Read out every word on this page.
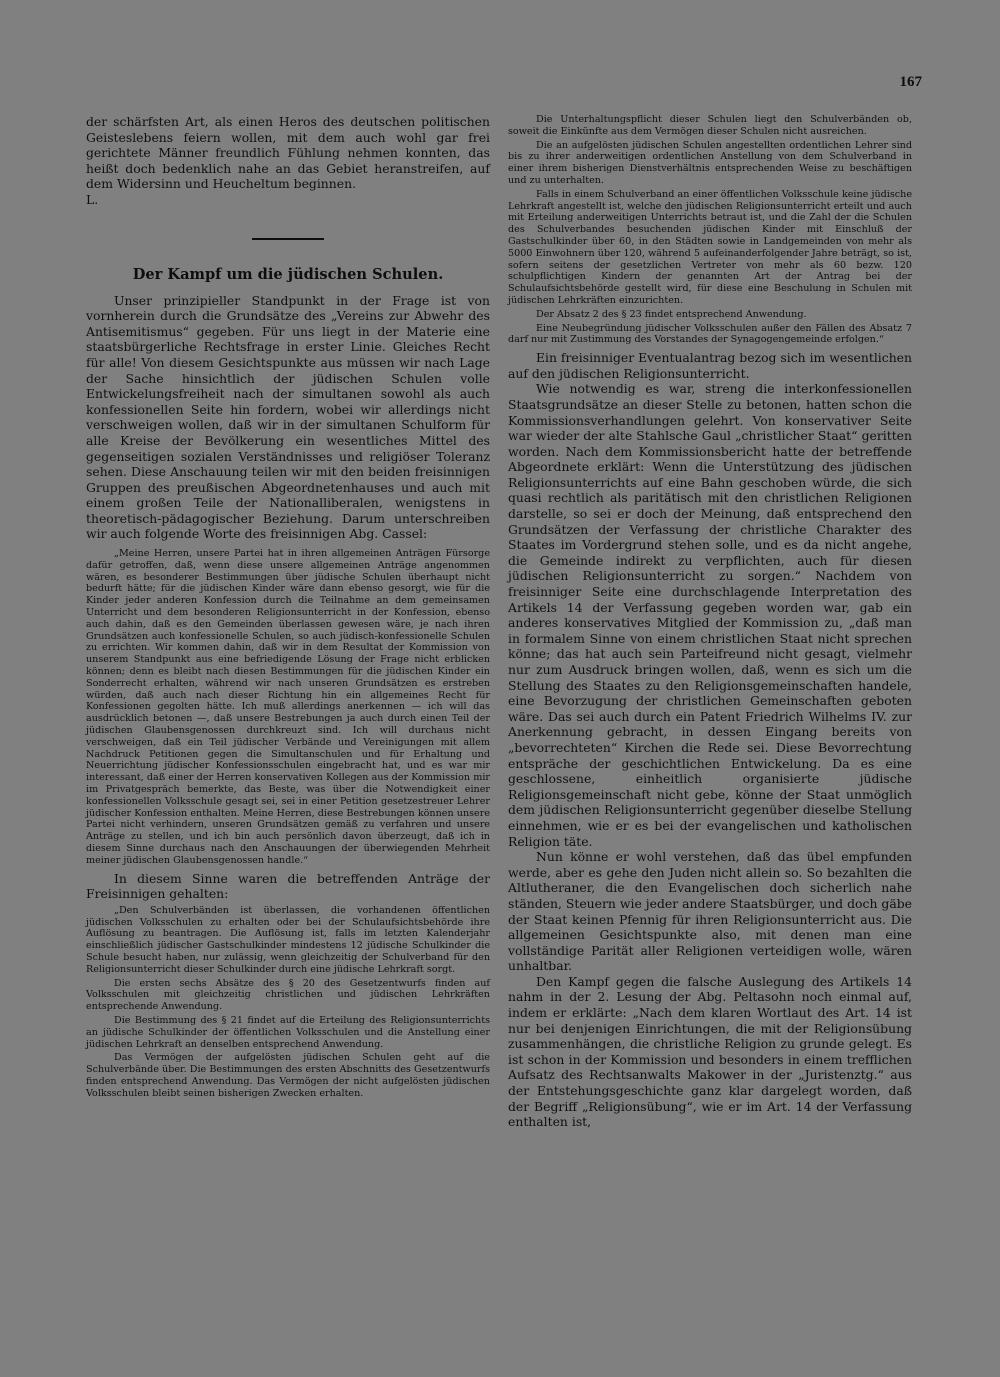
167

der schärfsten Art, als einen Heros des deutschen politischen Geisteslebens feiern wollen, mit dem auch wohl gar frei gerichtete Männer freundlich Fühlung nehmen konnten, das heißt doch bedenklich nahe an das Gebiet heranstreifen, auf dem Widersinn und Heucheltum beginnen.

L.

Der Kampf um die jüdischen Schulen.

Unser prinzipieller Standpunkt in der Frage ist von vornherein durch die Grundsätze des „Vereins zur Abwehr des Antisemitismus“ gegeben. Für uns liegt in der Materie eine staatsbürgerliche Rechtsfrage in erster Linie. Gleiches Recht für alle! Von diesem Gesichtspunkte aus müssen wir nach Lage der Sache hinsichtlich der jüdischen Schulen volle Entwickelungsfreiheit nach der simultanen sowohl als auch konfessionellen Seite hin fordern, wobei wir allerdings nicht verschweigen wollen, daß wir in der simultanen Schulform für alle Kreise der Bevölkerung ein wesentliches Mittel des gegenseitigen sozialen Verständnisses und religiöser Toleranz sehen. Diese Anschauung teilen wir mit den beiden freisinnigen Gruppen des preußischen Abgeordnetenhauses und auch mit einem großen Teile der Nationalliberalen, wenigstens in theoretisch-pädagogischer Beziehung. Darum unterschreiben wir auch folgende Worte des freisinnigen Abg. Cassel:

„Meine Herren, unsere Partei hat in ihren allgemeinen Anträgen Fürsorge dafür getroffen, daß, wenn diese unsere allgemeinen Anträge angenommen wären, es besonderer Bestimmungen über jüdische Schulen überhaupt nicht bedurft hätte; für die jüdischen Kinder wäre dann ebenso gesorgt, wie für die Kinder jeder anderen Konfession durch die Teilnahme an dem gemeinsamen Unterricht und dem besonderen Religionsunterricht in der Konfession, ebenso auch dahin, daß es den Gemeinden überlassen gewesen wäre, je nach ihren Grundsätzen auch konfessionelle Schulen, so auch jüdisch-konfessionelle Schulen zu errichten. Wir kommen dahin, daß wir in dem Resultat der Kommission von unserem Standpunkt aus eine befriedigende Lösung der Frage nicht erblicken können; denn es bleibt nach diesen Bestimmungen für die jüdischen Kinder ein Sonderrecht erhalten, während wir nach unseren Grundsätzen es erstreben würden, daß auch nach dieser Richtung hin ein allgemeines Recht für Konfessionen gegolten hätte. Ich muß allerdings anerkennen — ich will das ausdrücklich betonen —, daß unsere Bestrebungen ja auch durch einen Teil der jüdischen Glaubensgenossen durchkreuzt sind. Ich will durchaus nicht verschweigen, daß ein Teil jüdischer Verbände und Vereinigungen mit allem Nachdruck Petitionen gegen die Simultanschulen und für Erhaltung und Neuerrichtung jüdischer Konfessionsschulen eingebracht hat, und es war mir interessant, daß einer der Herren konservativen Kollegen aus der Kommission mir im Privatgespräch bemerkte, das Beste, was über die Notwendigkeit einer konfessionellen Volksschule gesagt sei, sei in einer Petition gesetzestreuer Lehrer jüdischer Konfession enthalten. Meine Herren, diese Bestrebungen können unsere Partei nicht verhindern, unseren Grundsätzen gemäß zu verfahren und unsere Anträge zu stellen, und ich bin auch persönlich davon überzeugt, daß ich in diesem Sinne durchaus nach den Anschauungen der überwiegenden Mehrheit meiner jüdischen Glaubensgenossen handle.“

In diesem Sinne waren die betreffenden Anträge der Freisinnigen gehalten:

„Den Schulverbänden ist überlassen, die vorhandenen öffentlichen jüdischen Volksschulen zu erhalten oder bei der Schulaufsichtsbehörde ihre Auflösung zu beantragen. Die Auflösung ist, falls im letzten Kalenderjahr einschließlich jüdischer Gastschulkinder mindestens 12 jüdische Schulkinder die Schule besucht haben, nur zulässig, wenn gleichzeitig der Schulverband für den Religionsunterricht dieser Schulkinder durch eine jüdische Lehrkraft sorgt.

Die ersten sechs Absätze des § 20 des Gesetzentwurfs finden auf Volksschulen mit gleichzeitig christlichen und jüdischen Lehrkräften entsprechende Anwendung.

Die Bestimmung des § 21 findet auf die Erteilung des Religionsunterrichts an jüdische Schulkinder der öffentlichen Volksschulen und die Anstellung einer jüdischen Lehrkraft an denselben entsprechend Anwendung.

Das Vermögen der aufgelösten jüdischen Schulen geht auf die Schulverbände über. Die Bestimmungen des ersten Abschnitts des Gesetzentwurfs finden entsprechend Anwendung. Das Vermögen der nicht aufgelösten jüdischen Volksschulen bleibt seinen bisherigen Zwecken erhalten.

Die Unterhaltungspflicht dieser Schulen liegt den Schulverbänden ob, soweit die Einkünfte aus dem Vermögen dieser Schulen nicht ausreichen.

Die an aufgelösten jüdischen Schulen angestellten ordentlichen Lehrer sind bis zu ihrer anderweitigen ordentlichen Anstellung von dem Schulverband in einer ihrem bisherigen Dienstverhältnis entsprechenden Weise zu beschäftigen und zu unterhalten.

Falls in einem Schulverband an einer öffentlichen Volksschule keine jüdische Lehrkraft angestellt ist, welche den jüdischen Religionsunterricht erteilt und auch mit Erteilung anderweitigen Unterrichts betraut ist, und die Zahl der die Schulen des Schulverbandes besuchenden jüdischen Kinder mit Einschluß der Gastschulkinder über 60, in den Städten sowie in Landgemeinden von mehr als 5000 Einwohnern über 120, während 5 aufeinanderfolgender Jahre beträgt, so ist, sofern seitens der gesetzlichen Vertreter von mehr als 60 bezw. 120 schulpflichtigen Kindern der genannten Art der Antrag bei der Schulaufsichtsbehörde gestellt wird, für diese eine Beschulung in Schulen mit jüdischen Lehrkräften einzurichten.

Der Absatz 2 des § 23 findet entsprechend Anwendung.

Eine Neubegründung jüdischer Volksschulen außer den Fällen des Absatz 7 darf nur mit Zustimmung des Vorstandes der Synagogengemeinde erfolgen.“

Ein freisinniger Eventualantrag bezog sich im wesentlichen auf den jüdischen Religionsunterricht.

Wie notwendig es war, streng die interkonfessionellen Staatsgrundsätze an dieser Stelle zu betonen, hatten schon die Kommissionsverhandlungen gelehrt. Von konservativer Seite war wieder der alte Stahlsche Gaul „christlicher Staat“ geritten worden. Nach dem Kommissionsbericht hatte der betreffende Abgeordnete erklärt: Wenn die Unterstützung des jüdischen Religionsunterrichts auf eine Bahn geschoben würde, die sich quasi rechtlich als paritätisch mit den christlichen Religionen darstelle, so sei er doch der Meinung, daß entsprechend den Grundsätzen der Verfassung der christliche Charakter des Staates im Vordergrund stehen solle, und es da nicht angehe, die Gemeinde indirekt zu verpflichten, auch für diesen jüdischen Religionsunterricht zu sorgen.“ Nachdem von freisinniger Seite eine durchschlagende Interpretation des Artikels 14 der Verfassung gegeben worden war, gab ein anderes konservatives Mitglied der Kommission zu, „daß man in formalem Sinne von einem christlichen Staat nicht sprechen könne; das hat auch sein Parteifreund nicht gesagt, vielmehr nur zum Ausdruck bringen wollen, daß, wenn es sich um die Stellung des Staates zu den Religionsgemeinschaften handele, eine Bevorzugung der christlichen Gemeinschaften geboten wäre. Das sei auch durch ein Patent Friedrich Wilhelms IV. zur Anerkennung gebracht, in dessen Eingang bereits von „bevorrechteten“ Kirchen die Rede sei. Diese Bevorrechtung entspräche der geschichtlichen Entwickelung. Da es eine geschlossene, einheitlich organisierte jüdische Religionsgemeinschaft nicht gebe, könne der Staat unmöglich dem jüdischen Religionsunterricht gegenüber dieselbe Stellung einnehmen, wie er es bei der evangelischen und katholischen Religion täte.

Nun könne er wohl verstehen, daß das übel empfunden werde, aber es gehe den Juden nicht allein so. So bezahlten die Altlutheraner, die den Evangelischen doch sicherlich nahe ständen, Steuern wie jeder andere Staatsbürger, und doch gäbe der Staat keinen Pfennig für ihren Religionsunterricht aus. Die allgemeinen Gesichtspunkte also, mit denen man eine vollständige Parität aller Religionen verteidigen wolle, wären unhaltbar.

Den Kampf gegen die falsche Auslegung des Artikels 14 nahm in der 2. Lesung der Abg. Peltasohn noch einmal auf, indem er erklärte: „Nach dem klaren Wortlaut des Art. 14 ist nur bei denjenigen Einrichtungen, die mit der Religionsübung zusammenhängen, die christliche Religion zu grunde gelegt. Es ist schon in der Kommission und besonders in einem trefflichen Aufsatz des Rechtsanwalts Makower in der „Juristenztg.“ aus der Entstehungsgeschichte ganz klar dargelegt worden, daß der Begriff „Religionsübung“, wie er im Art. 14 der Verfassung enthalten ist,
